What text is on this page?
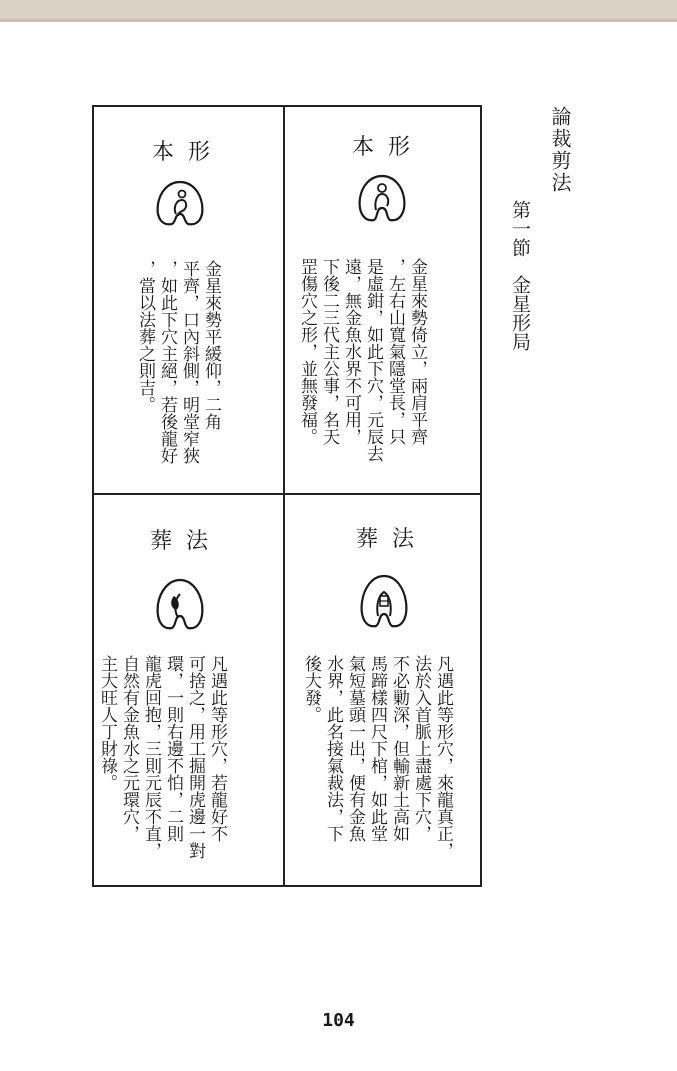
論裁剪法
第一節金星形局
本形
金星來勢倚立，兩肩平齊
，左右山寬氣隱堂長，只
是虛鉗，如此下穴，元辰去
遠，無金魚水界不可用，
下後二三代主公事，名天
罡傷穴之形，並無發福。
本形
金星來勢平緩仰，二角
平齊，口內斜側，明堂窄狹
，如此下穴主絕，若後龍好
，當以法葬之則吉。
葬法
凡遇此等形穴，來龍真正，
法於入首脈上盡處下穴，
不必勦深，但輸新土高如
馬蹄樣四尺下棺，如此堂
氣短墓頭一出，便有金魚
水界，此名接氣裁法，下
後大發。
葬法
凡遇此等形穴，若龍好不
可捨之，用工掘開虎邊一對
環，一則右邊不怕，二則
龍虎回抱，三則元辰不直，
自然有金魚水之元環穴，
主大旺人丁財祿。
104
